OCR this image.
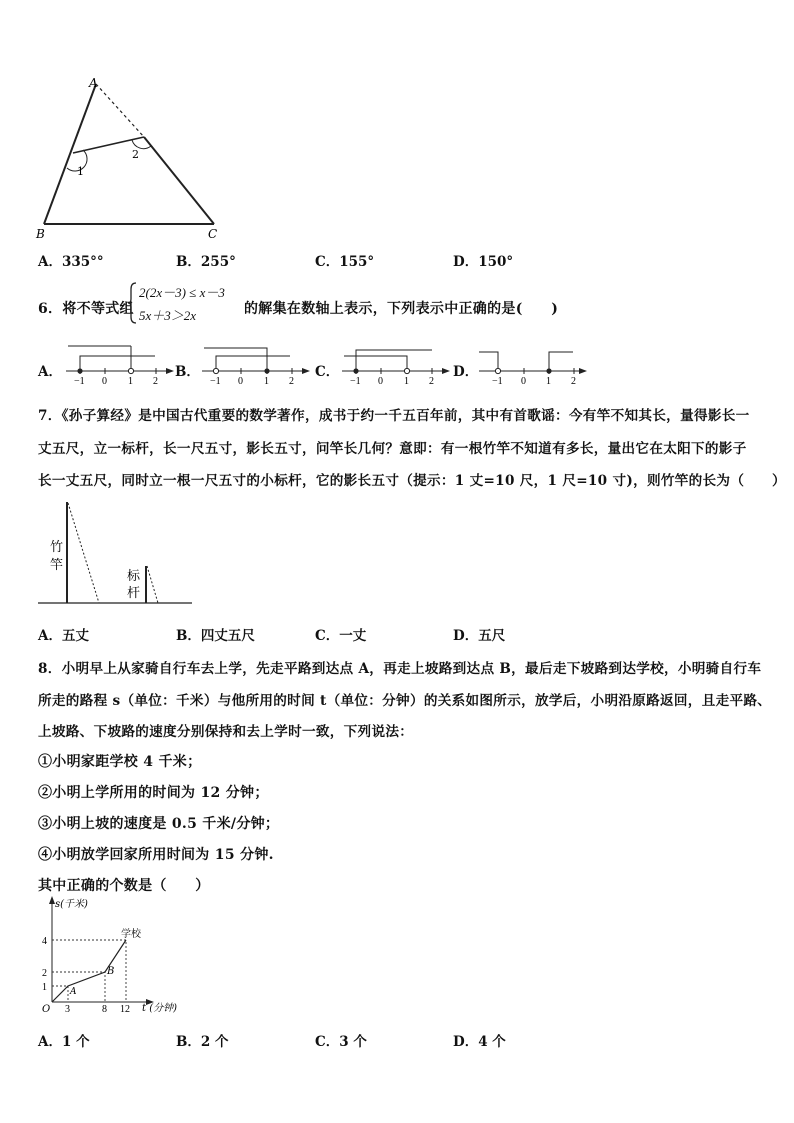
A
B	C
1
2
A．335°°	B．255°	C．155°	D．150°
6．将不等式组
2(2x－3) ≤ x－3
5x＋3＞2x	的解集在数轴上表示，下列表示中正确的是(　　)
A．	B．	C．	D．
−1 0 1 2	−1 0 1 2	−1 0 1 2	−1 0 1 2
7．《孙子算经》是中国古代重要的数学著作，成书于约一千五百年前，其中有首歌谣：今有竿不知其长，量得影长一
丈五尺，立一标杆，长一尺五寸，影长五寸，问竿长几何？意即：有一根竹竿不知道有多长，量出它在太阳下的影子
长一丈五尺，同时立一根一尺五寸的小标杆，它的影长五寸（提示：1 丈=10 尺，1 尺=10 寸)，则竹竿的长为（　　）
竹
竿
标
杆
A．五丈	B．四丈五尺	C．一丈	D．五尺
8．小明早上从家骑自行车去上学，先走平路到达点 A，再走上坡路到达点 B，最后走下坡路到达学校，小明骑自行车
所走的路程 s（单位：千米）与他所用的时间 t（单位：分钟）的关系如图所示，放学后，小明沿原路返回，且走平路、
上坡路、下坡路的速度分别保持和去上学时一致，下列说法：
①小明家距学校 4 千米；
②小明上学所用的时间为 12 分钟；
③小明上坡的速度是 0.5 千米/分钟；
④小明放学回家所用时间为 15 分钟.
其中正确的个数是（　　）
s(千米)
t (分钟)
学校
O
A
B
4
2
1
3	8 12
A．1 个	B．2 个	C．3 个	D．4 个
